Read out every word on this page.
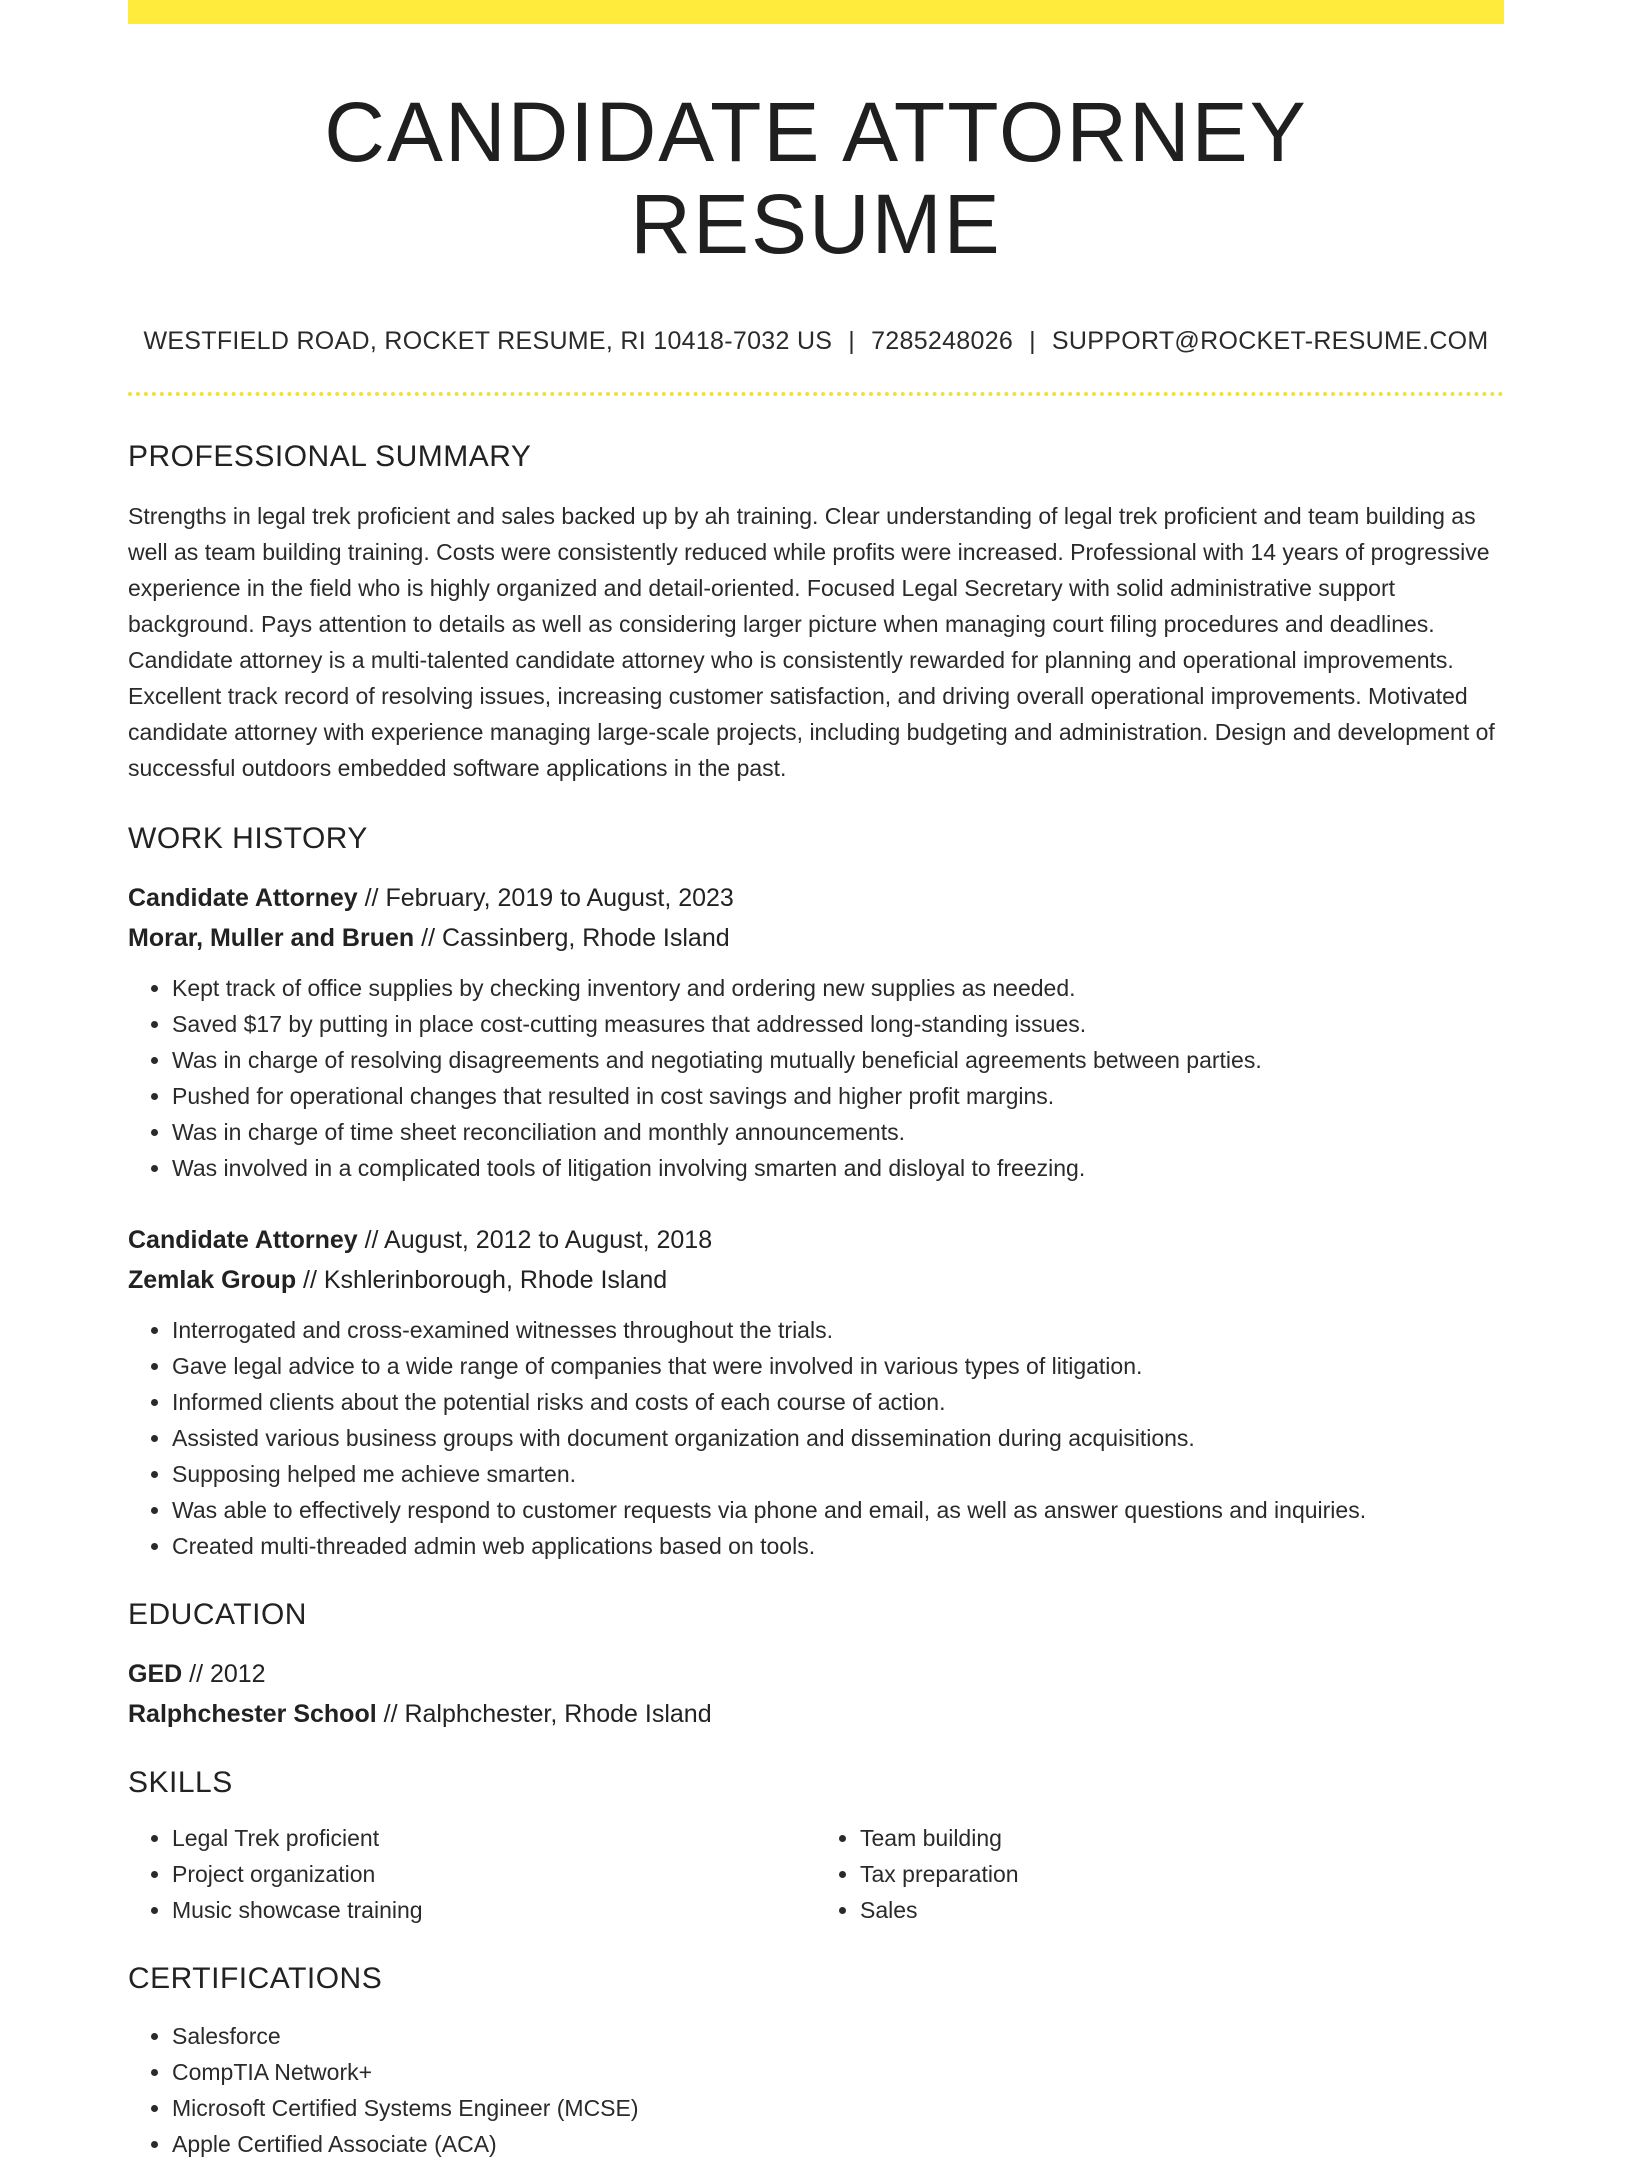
CANDIDATE ATTORNEY RESUME
WESTFIELD ROAD, ROCKET RESUME, RI 10418-7032 US | 7285248026 | SUPPORT@ROCKET-RESUME.COM
PROFESSIONAL SUMMARY

Strengths in legal trek proficient and sales backed up by ah training. Clear understanding of legal trek proficient and team building as well as team building training. Costs were consistently reduced while profits were increased. Professional with 14 years of progressive experience in the field who is highly organized and detail-oriented. Focused Legal Secretary with solid administrative support background. Pays attention to details as well as considering larger picture when managing court filing procedures and deadlines. Candidate attorney is a multi-talented candidate attorney who is consistently rewarded for planning and operational improvements. Excellent track record of resolving issues, increasing customer satisfaction, and driving overall operational improvements. Motivated candidate attorney with experience managing large-scale projects, including budgeting and administration. Design and development of successful outdoors embedded software applications in the past.

WORK HISTORY
Candidate Attorney // February, 2019 to August, 2023
Morar, Muller and Bruen // Cassinberg, Rhode Island
• Kept track of office supplies by checking inventory and ordering new supplies as needed.
• Saved $17 by putting in place cost-cutting measures that addressed long-standing issues.
• Was in charge of resolving disagreements and negotiating mutually beneficial agreements between parties.
• Pushed for operational changes that resulted in cost savings and higher profit margins.
• Was in charge of time sheet reconciliation and monthly announcements.
• Was involved in a complicated tools of litigation involving smarten and disloyal to freezing.
Candidate Attorney // August, 2012 to August, 2018
Zemlak Group // Kshlerinborough, Rhode Island
• Interrogated and cross-examined witnesses throughout the trials.
• Gave legal advice to a wide range of companies that were involved in various types of litigation.
• Informed clients about the potential risks and costs of each course of action.
• Assisted various business groups with document organization and dissemination during acquisitions.
• Supposing helped me achieve smarten.
• Was able to effectively respond to customer requests via phone and email, as well as answer questions and inquiries.
• Created multi-threaded admin web applications based on tools.
EDUCATION
GED // 2012
Ralphchester School // Ralphchester, Rhode Island
SKILLS
• Legal Trek proficient
• Project organization
• Music showcase training
• Team building
• Tax preparation
• Sales
CERTIFICATIONS
• Salesforce
• CompTIA Network+
• Microsoft Certified Systems Engineer (MCSE)
• Apple Certified Associate (ACA)
